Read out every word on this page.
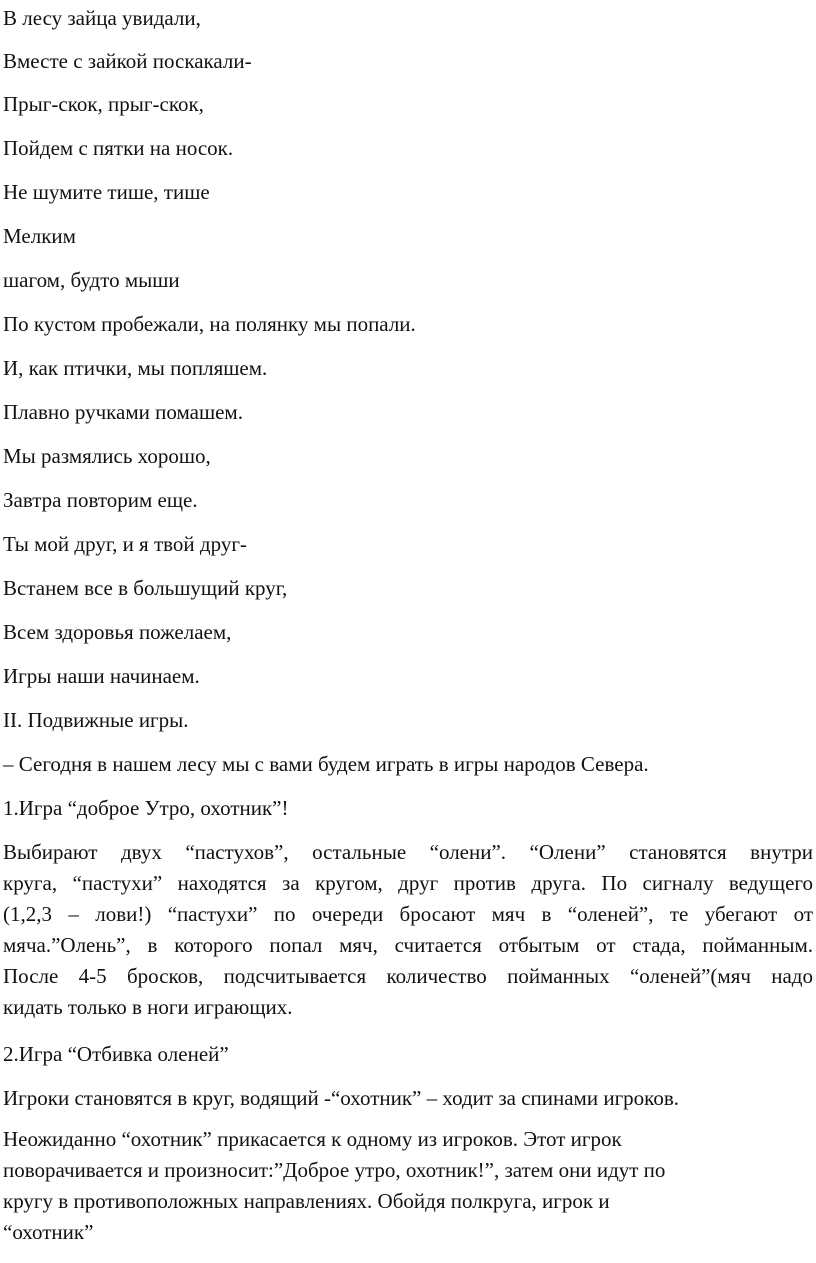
В лесу зайца увидали,
Вместе с зайкой поскакали-
Прыг-скок, прыг-скок,
Пойдем с пятки на носок.
Не шумите тише, тише
Мелким
шагом, будто мыши
По кустом пробежали, на полянку мы попали.
И, как птички, мы попляшем.
Плавно ручками помашем.
Мы размялись хорошо,
Завтра повторим еще.
Ты мой друг, и я твой друг-
Встанем все в большущий круг,
Всем здоровья пожелаем,
Игры наши начинаем.
II. Подвижные игры.
– Сегодня в нашем лесу мы с вами будем играть в игры народов Севера.
1.Игра “доброе Утро, охотник”!
Выбирают двух “пастухов”, остальные “олени”. “Олени” становятся внутри
круга, “пастухи” находятся за кругом, друг против друга. По сигналу ведущего
(1,2,3 – лови!) “пастухи” по очереди бросают мяч в “оленей”, те убегают от
мяча.”Олень”, в которого попал мяч, считается отбытым от стада, пойманным.
После 4-5 бросков, подсчитывается количество пойманных “оленей”(мяч надо
кидать только в ноги играющих.
2.Игра “Отбивка оленей”
Игроки становятся в круг, водящий -“охотник” – ходит за спинами игроков.
Неожиданно “охотник” прикасается к одному из игроков. Этот игрок
поворачивается и произносит:”Доброе утро, охотник!”, затем они идут по
кругу в противоположных направлениях. Обойдя полкруга, игрок и
“охотник”
